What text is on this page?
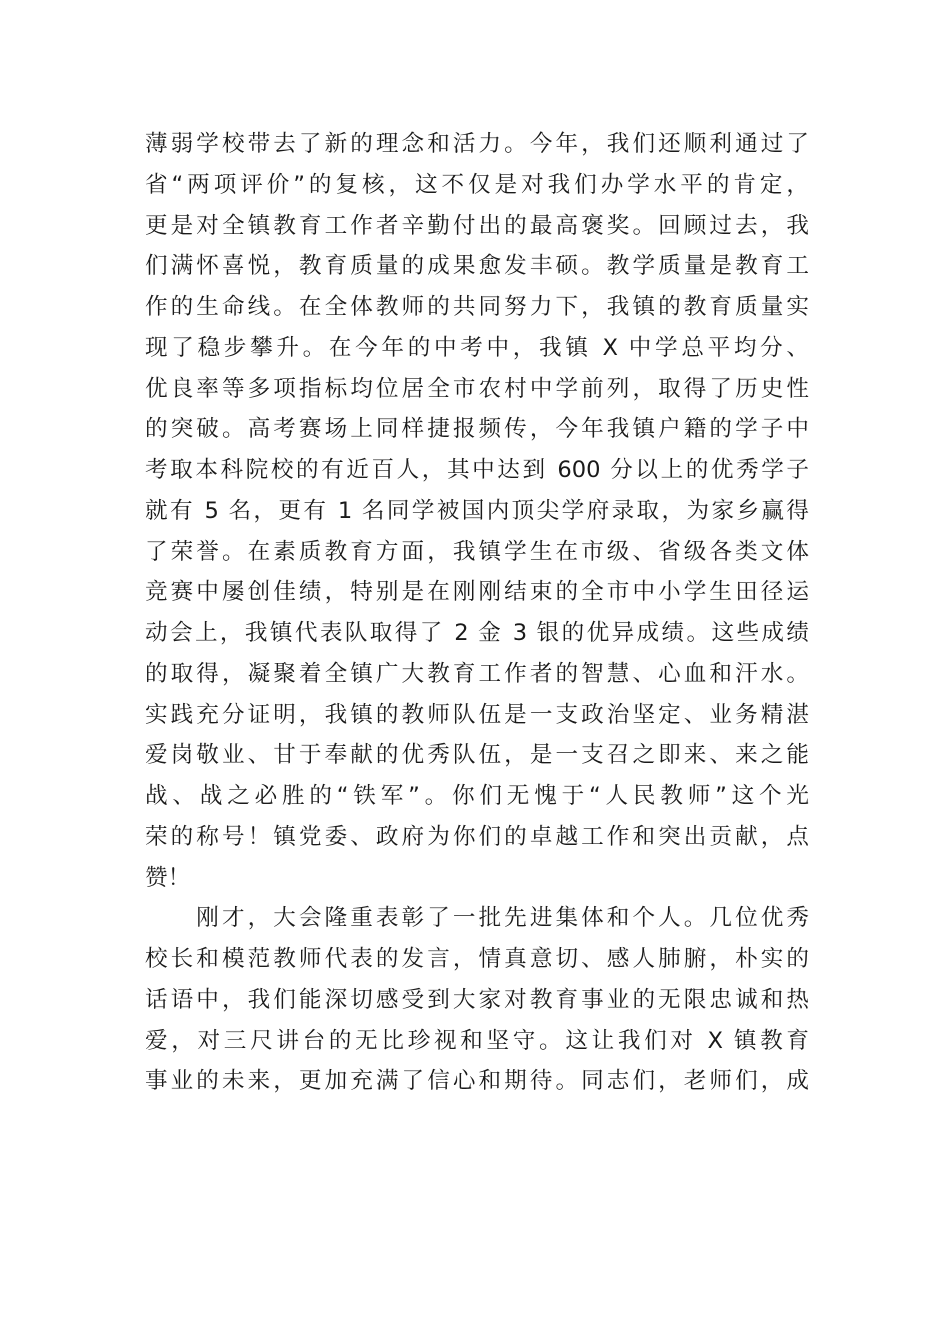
薄弱学校带去了新的理念和活力。今年，我们还顺利通过了
省“两项评价”的复核，这不仅是对我们办学水平的肯定，
更是对全镇教育工作者辛勤付出的最高褒奖。回顾过去，我
们满怀喜悦，教育质量的成果愈发丰硕。教学质量是教育工
作的生命线。在全体教师的共同努力下，我镇的教育质量实
现了稳步攀升。在今年的中考中，我镇 X 中学总平均分、
优良率等多项指标均位居全市农村中学前列，取得了历史性
的突破。高考赛场上同样捷报频传，今年我镇户籍的学子中
考取本科院校的有近百人，其中达到 600 分以上的优秀学子
就有 5 名，更有 1 名同学被国内顶尖学府录取，为家乡赢得
了荣誉。在素质教育方面，我镇学生在市级、省级各类文体
竞赛中屡创佳绩，特别是在刚刚结束的全市中小学生田径运
动会上，我镇代表队取得了 2 金 3 银的优异成绩。这些成绩
的取得，凝聚着全镇广大教育工作者的智慧、心血和汗水。
实践充分证明，我镇的教师队伍是一支政治坚定、业务精湛
爱岗敬业、甘于奉献的优秀队伍，是一支召之即来、来之能
战、战之必胜的“铁军”。你们无愧于“人民教师”这个光
荣的称号！镇党委、政府为你们的卓越工作和突出贡献，点
赞！
　　刚才，大会隆重表彰了一批先进集体和个人。几位优秀
校长和模范教师代表的发言，情真意切、感人肺腑，朴实的
话语中，我们能深切感受到大家对教育事业的无限忠诚和热
爱，对三尺讲台的无比珍视和坚守。这让我们对 X 镇教育
事业的未来，更加充满了信心和期待。同志们，老师们，成
